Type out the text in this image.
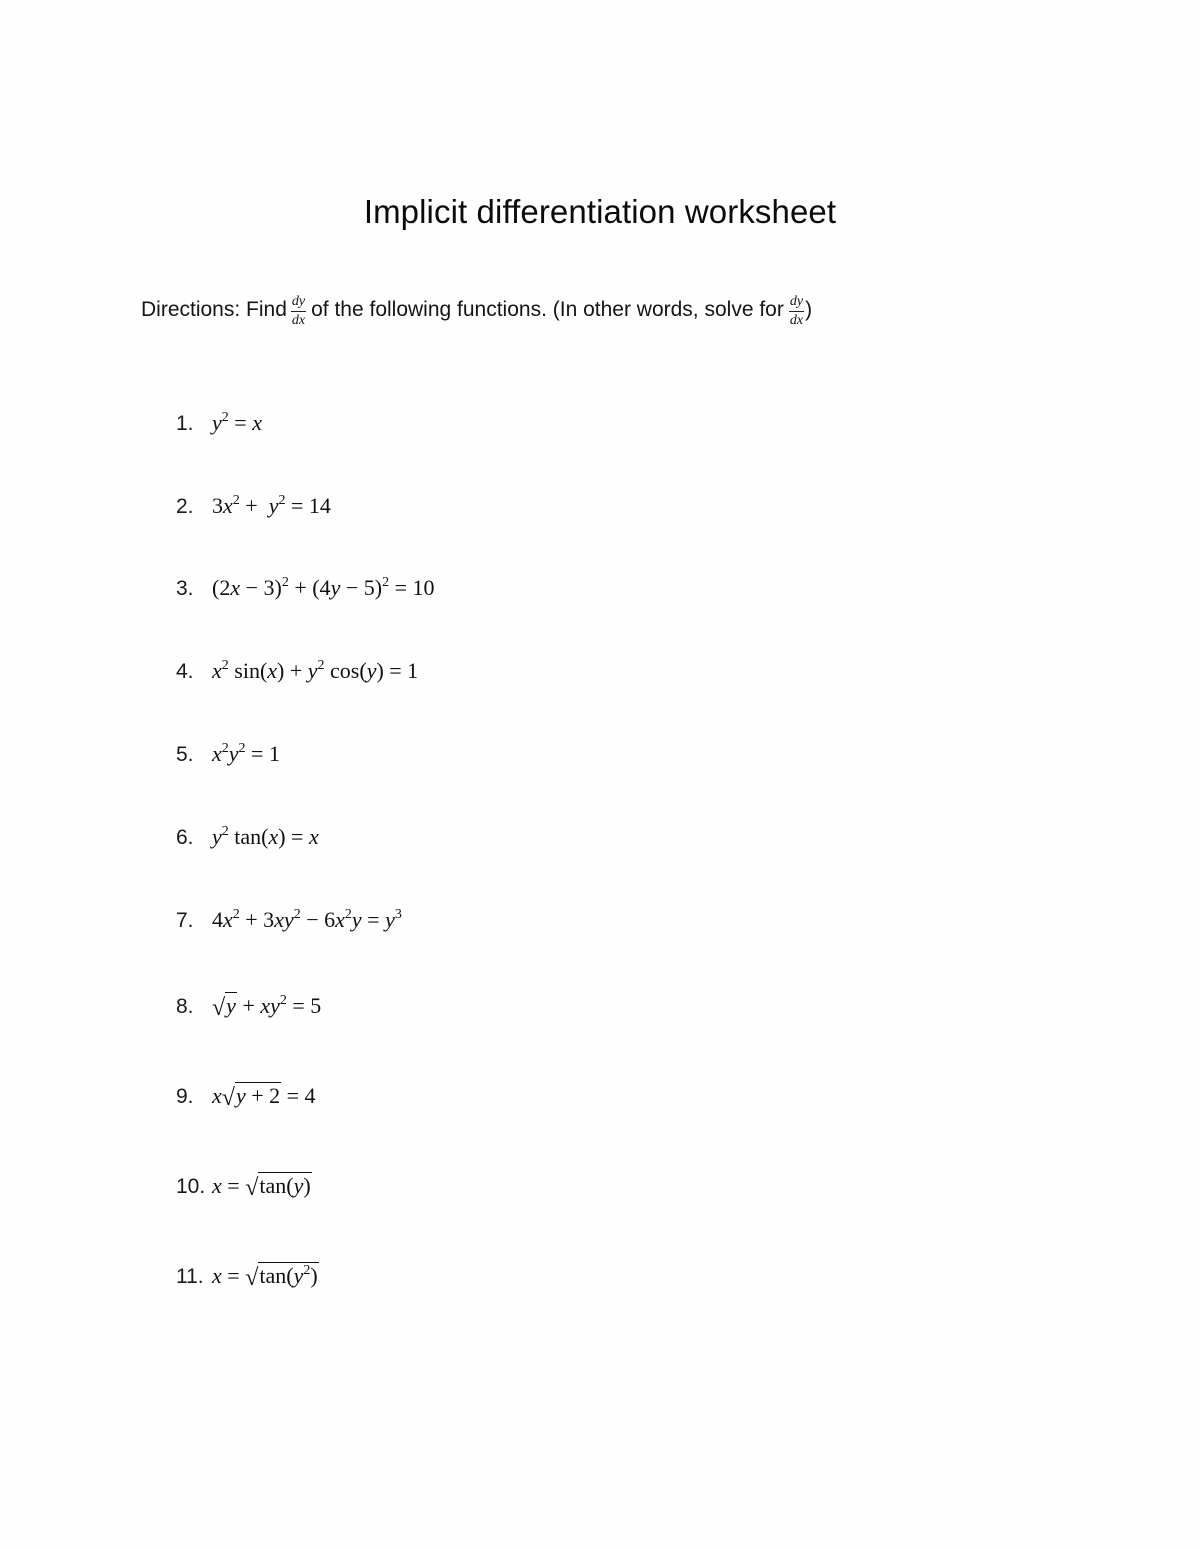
Implicit differentiation worksheet
Directions: Find $\frac{dy}{dx}$ of the following functions. (In other words, solve for $\frac{dy}{dx}$ )
1. $y^2 = x$
2. $3x^2 + y^2 = 14$
3. $(2x - 3)^2 + (4y - 5)^2 = 10$
4. $x^2$ $\sin(x) + y^2$ cos(y) = 1
5. $x^2y^2 = 1$
6. $y^2$ tan(x) = x
7. $4x^2 + 3xy^2 - 6x^2y = y^3$
8. √ $y + xy^2 = 5$
9. x √ y + 2 = 4
10. x = √ tan(y)
11. x = √ $\tan(y^2)$
